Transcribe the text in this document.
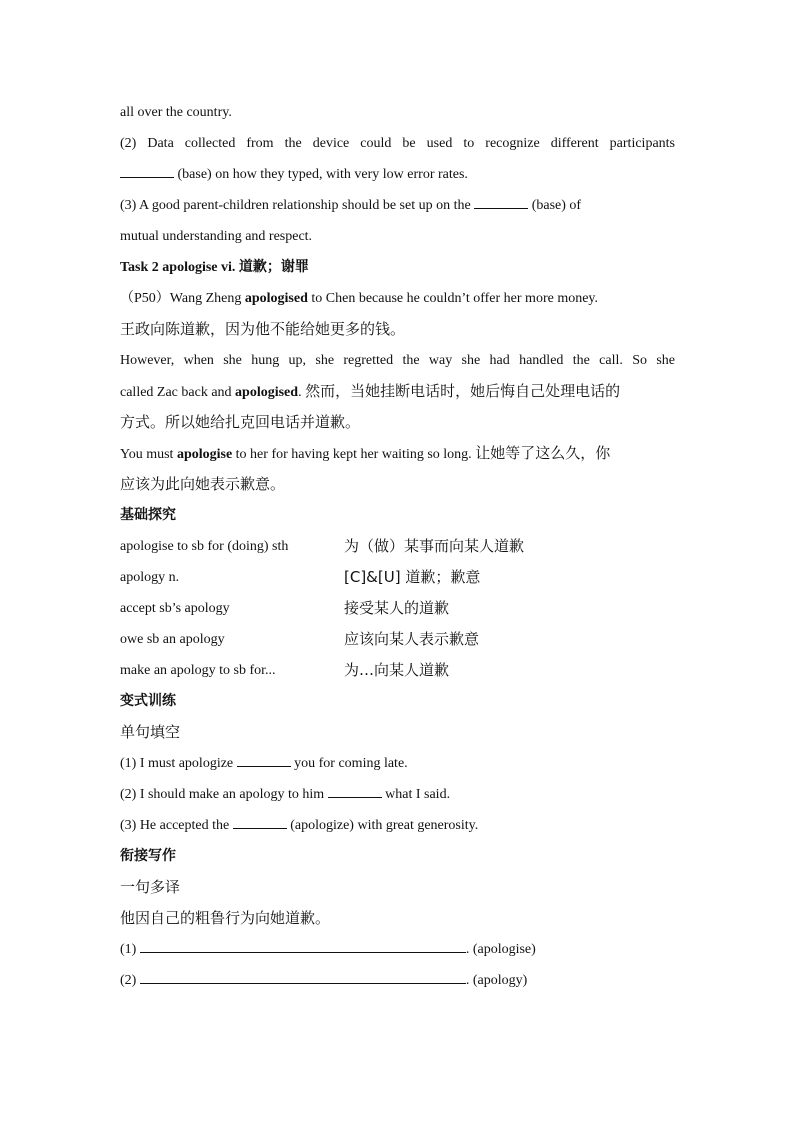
all over the country.
(2) Data collected from the device could be used to recognize different participants
(base) on how they typed, with very low error rates.
(3) A good parent-children relationship should be set up on the	(base) of
mutual understanding and respect.
Task 2 apologise vi. 道歉；谢罪
（P50）Wang Zheng apologised to Chen because he couldn’t offer her more money.
王政向陈道歉，因为他不能给她更多的钱。
However, when she hung up, she regretted the way she had handled the call. So she
called Zac back and apologised. 然而，当她挂断电话时，她后悔自己处理电话的
方式。所以她给扎克回电话并道歉。
You must apologise to her for having kept her waiting so long. 让她等了这么久，你
应该为此向她表示歉意。
基础探究
apologise to sb for (doing) sth	为（做）某事而向某人道歉
apology n.	[C]&[U] 道歉；歉意
accept sb’s apology	接受某人的道歉
owe sb an apology	应该向某人表示歉意
make an apology to sb for...	为…向某人道歉
变式训练
单句填空
(1) I must apologize	you for coming late.
(2) I should make an apology to him	what I said.
(3) He accepted the	(apologize) with great generosity.
衔接写作
一句多译
他因自己的粗鲁行为向她道歉。
(1)	. (apologise)
(2)	. (apology)
